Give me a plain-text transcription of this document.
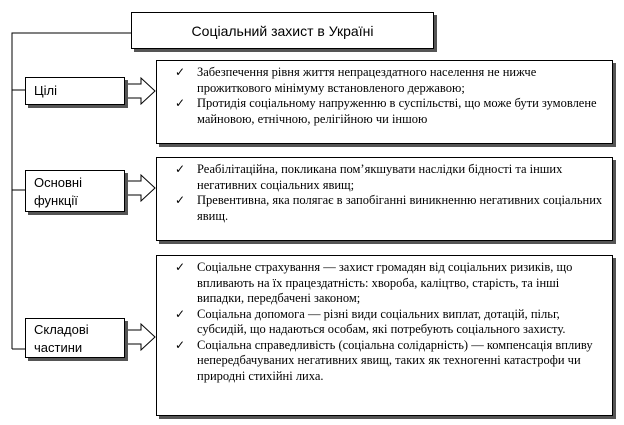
Соціальний захист в Україні
Цілі
✓ Забезпечення рівня життя непрацездатного населення не нижче прожиткового мінімуму встановленого державою;
✓ Протидія соціальному напруженню в суспільстві, що може бути зумовлене майновою, етнічною, релігійною чи іншою
Основні
функції
✓ Реабілітаційна, покликана пом’якшувати наслідки бідності та інших негативних соціальних явищ;
✓ Превентивна, яка полягає в запобіганні виникненню негативних соціальних явищ.
Складові
частини
✓ Соціальне страхування — захист громадян від соціальних ризиків, що впливають на їх працездатність: хвороба, каліцтво, старість, та інші випадки, передбачені законом;
✓ Соціальна допомога — різні види соціальних виплат, дотацій, пільг, субсидій, що надаються особам, які потребують соціального захисту.
✓ Соціальна справедливість (соціальна солідарність) — компенсація впливу непередбачуваних негативних явищ, таких як техногенні катастрофи чи природні стихійні лиха.
